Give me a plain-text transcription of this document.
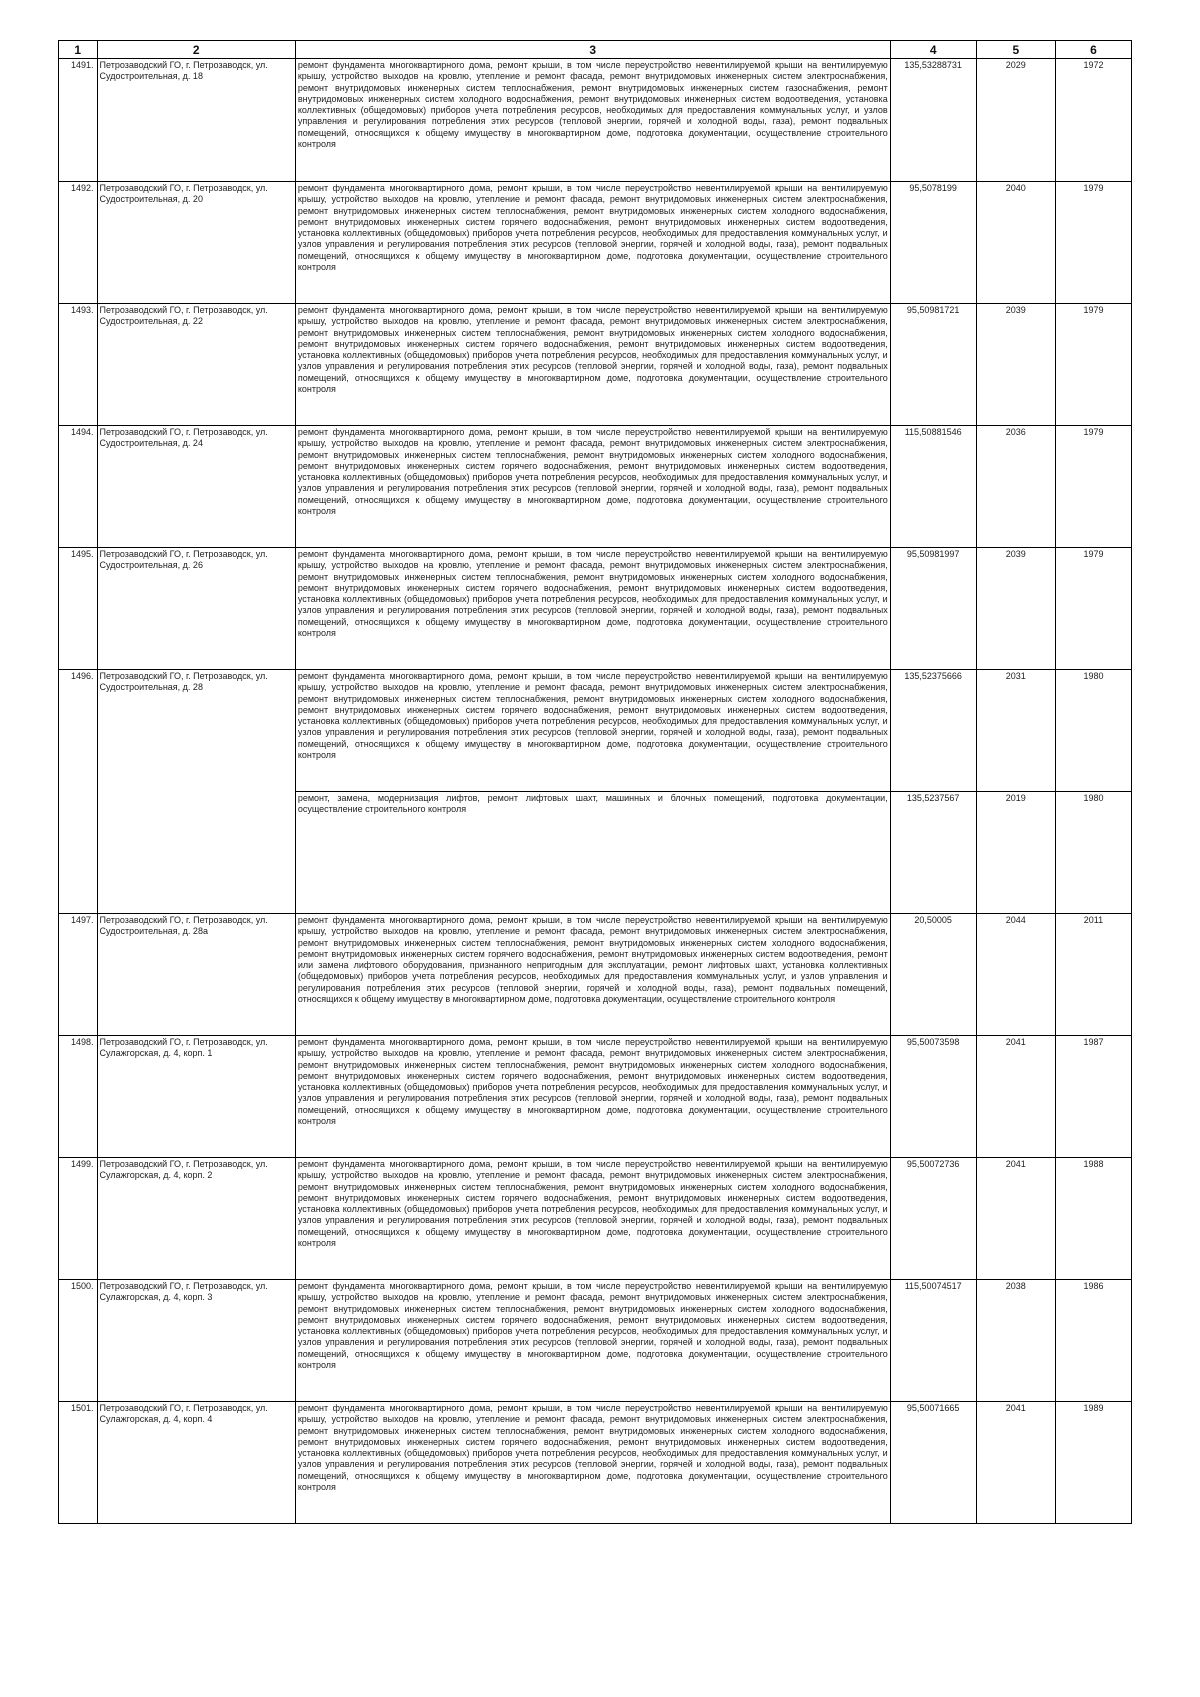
1	2	3	4	5	6
1491.	Петрозаводский ГО, г. Петрозаводск, ул. Судостроительная, д. 18	ремонт фундамента многоквартирного дома, ремонт крыши, в том числе переустройство невентилируемой крыши на вентилируемую крышу, устройство выходов на кровлю, утепление и ремонт фасада, ремонт внутридомовых инженерных систем электроснабжения, ремонт внутридомовых инженерных систем теплоснабжения, ремонт внутридомовых инженерных систем газоснабжения, ремонт внутридомовых инженерных систем холодного водоснабжения, ремонт внутридомовых инженерных систем водоотведения, установка коллективных (общедомовых) приборов учета потребления ресурсов, необходимых для предоставления коммунальных услуг, и узлов управления и регулирования потребления этих ресурсов (тепловой энергии, горячей и холодной воды, газа), ремонт подвальных помещений, относящихся к общему имуществу в многоквартирном доме, подготовка документации, осуществление строительного контроля	135,53288731	2029	1972
1492.	Петрозаводский ГО, г. Петрозаводск, ул. Судостроительная, д. 20	ремонт фундамента многоквартирного дома, ремонт крыши, в том числе переустройство невентилируемой крыши на вентилируемую крышу, устройство выходов на кровлю, утепление и ремонт фасада, ремонт внутридомовых инженерных систем электроснабжения, ремонт внутридомовых инженерных систем теплоснабжения, ремонт внутридомовых инженерных систем холодного водоснабжения, ремонт внутридомовых инженерных систем горячего водоснабжения, ремонт внутридомовых инженерных систем водоотведения, установка коллективных (общедомовых) приборов учета потребления ресурсов, необходимых для предоставления коммунальных услуг, и узлов управления и регулирования потребления этих ресурсов (тепловой энергии, горячей и холодной воды, газа), ремонт подвальных помещений, относящихся к общему имуществу в многоквартирном доме, подготовка документации, осуществление строительного контроля	95,5078199	2040	1979
1493.	Петрозаводский ГО, г. Петрозаводск, ул. Судостроительная, д. 22	ремонт фундамента многоквартирного дома, ремонт крыши, в том числе переустройство невентилируемой крыши на вентилируемую крышу, устройство выходов на кровлю, утепление и ремонт фасада, ремонт внутридомовых инженерных систем электроснабжения, ремонт внутридомовых инженерных систем теплоснабжения, ремонт внутридомовых инженерных систем холодного водоснабжения, ремонт внутридомовых инженерных систем горячего водоснабжения, ремонт внутридомовых инженерных систем водоотведения, установка коллективных (общедомовых) приборов учета потребления ресурсов, необходимых для предоставления коммунальных услуг, и узлов управления и регулирования потребления этих ресурсов (тепловой энергии, горячей и холодной воды, газа), ремонт подвальных помещений, относящихся к общему имуществу в многоквартирном доме, подготовка документации, осуществление строительного контроля	95,50981721	2039	1979
1494.	Петрозаводский ГО, г. Петрозаводск, ул. Судостроительная, д. 24	ремонт фундамента многоквартирного дома, ремонт крыши, в том числе переустройство невентилируемой крыши на вентилируемую крышу, устройство выходов на кровлю, утепление и ремонт фасада, ремонт внутридомовых инженерных систем электроснабжения, ремонт внутридомовых инженерных систем теплоснабжения, ремонт внутридомовых инженерных систем холодного водоснабжения, ремонт внутридомовых инженерных систем горячего водоснабжения, ремонт внутридомовых инженерных систем водоотведения, установка коллективных (общедомовых) приборов учета потребления ресурсов, необходимых для предоставления коммунальных услуг, и узлов управления и регулирования потребления этих ресурсов (тепловой энергии, горячей и холодной воды, газа), ремонт подвальных помещений, относящихся к общему имуществу в многоквартирном доме, подготовка документации, осуществление строительного контроля	115,50881546	2036	1979
1495.	Петрозаводский ГО, г. Петрозаводск, ул. Судостроительная, д. 26	ремонт фундамента многоквартирного дома, ремонт крыши, в том числе переустройство невентилируемой крыши на вентилируемую крышу, устройство выходов на кровлю, утепление и ремонт фасада, ремонт внутридомовых инженерных систем электроснабжения, ремонт внутридомовых инженерных систем теплоснабжения, ремонт внутридомовых инженерных систем холодного водоснабжения, ремонт внутридомовых инженерных систем горячего водоснабжения, ремонт внутридомовых инженерных систем водоотведения, установка коллективных (общедомовых) приборов учета потребления ресурсов, необходимых для предоставления коммунальных услуг, и узлов управления и регулирования потребления этих ресурсов (тепловой энергии, горячей и холодной воды, газа), ремонт подвальных помещений, относящихся к общему имуществу в многоквартирном доме, подготовка документации, осуществление строительного контроля	95,50981997	2039	1979
1496.	Петрозаводский ГО, г. Петрозаводск, ул. Судостроительная, д. 28	ремонт фундамента многоквартирного дома, ремонт крыши, в том числе переустройство невентилируемой крыши на вентилируемую крышу, устройство выходов на кровлю, утепление и ремонт фасада, ремонт внутридомовых инженерных систем электроснабжения, ремонт внутридомовых инженерных систем теплоснабжения, ремонт внутридомовых инженерных систем холодного водоснабжения, ремонт внутридомовых инженерных систем горячего водоснабжения, ремонт внутридомовых инженерных систем водоотведения, установка коллективных (общедомовых) приборов учета потребления ресурсов, необходимых для предоставления коммунальных услуг, и узлов управления и регулирования потребления этих ресурсов (тепловой энергии, горячей и холодной воды, газа), ремонт подвальных помещений, относящихся к общему имуществу в многоквартирном доме, подготовка документации, осуществление строительного контроля	135,52375666	2031	1980
		ремонт, замена, модернизация лифтов, ремонт лифтовых шахт, машинных и блочных помещений, подготовка документации, осуществление строительного контроля	135,5237567	2019	1980
1497.	Петрозаводский ГО, г. Петрозаводск, ул. Судостроительная, д. 28а	ремонт фундамента многоквартирного дома, ремонт крыши, в том числе переустройство невентилируемой крыши на вентилируемую крышу, устройство выходов на кровлю, утепление и ремонт фасада, ремонт внутридомовых инженерных систем электроснабжения, ремонт внутридомовых инженерных систем теплоснабжения, ремонт внутридомовых инженерных систем холодного водоснабжения, ремонт внутридомовых инженерных систем горячего водоснабжения, ремонт внутридомовых инженерных систем водоотведения, ремонт или замена лифтового оборудования, признанного непригодным для эксплуатации, ремонт лифтовых шахт, установка коллективных (общедомовых) приборов учета потребления ресурсов, необходимых для предоставления коммунальных услуг, и узлов управления и регулирования потребления этих ресурсов (тепловой энергии, горячей и холодной воды, газа), ремонт подвальных помещений, относящихся к общему имуществу в многоквартирном доме, подготовка документации, осуществление строительного контроля	20,50005	2044	2011
1498.	Петрозаводский ГО, г. Петрозаводск, ул. Сулажгорская, д. 4, корп. 1	ремонт фундамента многоквартирного дома, ремонт крыши, в том числе переустройство невентилируемой крыши на вентилируемую крышу, устройство выходов на кровлю, утепление и ремонт фасада, ремонт внутридомовых инженерных систем электроснабжения, ремонт внутридомовых инженерных систем теплоснабжения, ремонт внутридомовых инженерных систем холодного водоснабжения, ремонт внутридомовых инженерных систем горячего водоснабжения, ремонт внутридомовых инженерных систем водоотведения, установка коллективных (общедомовых) приборов учета потребления ресурсов, необходимых для предоставления коммунальных услуг, и узлов управления и регулирования потребления этих ресурсов (тепловой энергии, горячей и холодной воды, газа), ремонт подвальных помещений, относящихся к общему имуществу в многоквартирном доме, подготовка документации, осуществление строительного контроля	95,50073598	2041	1987
1499.	Петрозаводский ГО, г. Петрозаводск, ул. Сулажгорская, д. 4, корп. 2	ремонт фундамента многоквартирного дома, ремонт крыши, в том числе переустройство невентилируемой крыши на вентилируемую крышу, устройство выходов на кровлю, утепление и ремонт фасада, ремонт внутридомовых инженерных систем электроснабжения, ремонт внутридомовых инженерных систем теплоснабжения, ремонт внутридомовых инженерных систем холодного водоснабжения, ремонт внутридомовых инженерных систем горячего водоснабжения, ремонт внутридомовых инженерных систем водоотведения, установка коллективных (общедомовых) приборов учета потребления ресурсов, необходимых для предоставления коммунальных услуг, и узлов управления и регулирования потребления этих ресурсов (тепловой энергии, горячей и холодной воды, газа), ремонт подвальных помещений, относящихся к общему имуществу в многоквартирном доме, подготовка документации, осуществление строительного контроля	95,50072736	2041	1988
1500.	Петрозаводский ГО, г. Петрозаводск, ул. Сулажгорская, д. 4, корп. 3	ремонт фундамента многоквартирного дома, ремонт крыши, в том числе переустройство невентилируемой крыши на вентилируемую крышу, устройство выходов на кровлю, утепление и ремонт фасада, ремонт внутридомовых инженерных систем электроснабжения, ремонт внутридомовых инженерных систем теплоснабжения, ремонт внутридомовых инженерных систем холодного водоснабжения, ремонт внутридомовых инженерных систем горячего водоснабжения, ремонт внутридомовых инженерных систем водоотведения, установка коллективных (общедомовых) приборов учета потребления ресурсов, необходимых для предоставления коммунальных услуг, и узлов управления и регулирования потребления этих ресурсов (тепловой энергии, горячей и холодной воды, газа), ремонт подвальных помещений, относящихся к общему имуществу в многоквартирном доме, подготовка документации, осуществление строительного контроля	115,50074517	2038	1986
1501.	Петрозаводский ГО, г. Петрозаводск, ул. Сулажгорская, д. 4, корп. 4	ремонт фундамента многоквартирного дома, ремонт крыши, в том числе переустройство невентилируемой крыши на вентилируемую крышу, устройство выходов на кровлю, утепление и ремонт фасада, ремонт внутридомовых инженерных систем электроснабжения, ремонт внутридомовых инженерных систем теплоснабжения, ремонт внутридомовых инженерных систем холодного водоснабжения, ремонт внутридомовых инженерных систем горячего водоснабжения, ремонт внутридомовых инженерных систем водоотведения, установка коллективных (общедомовых) приборов учета потребления ресурсов, необходимых для предоставления коммунальных услуг, и узлов управления и регулирования потребления этих ресурсов (тепловой энергии, горячей и холодной воды, газа), ремонт подвальных помещений, относящихся к общему имуществу в многоквартирном доме, подготовка документации, осуществление строительного контроля	95,50071665	2041	1989
